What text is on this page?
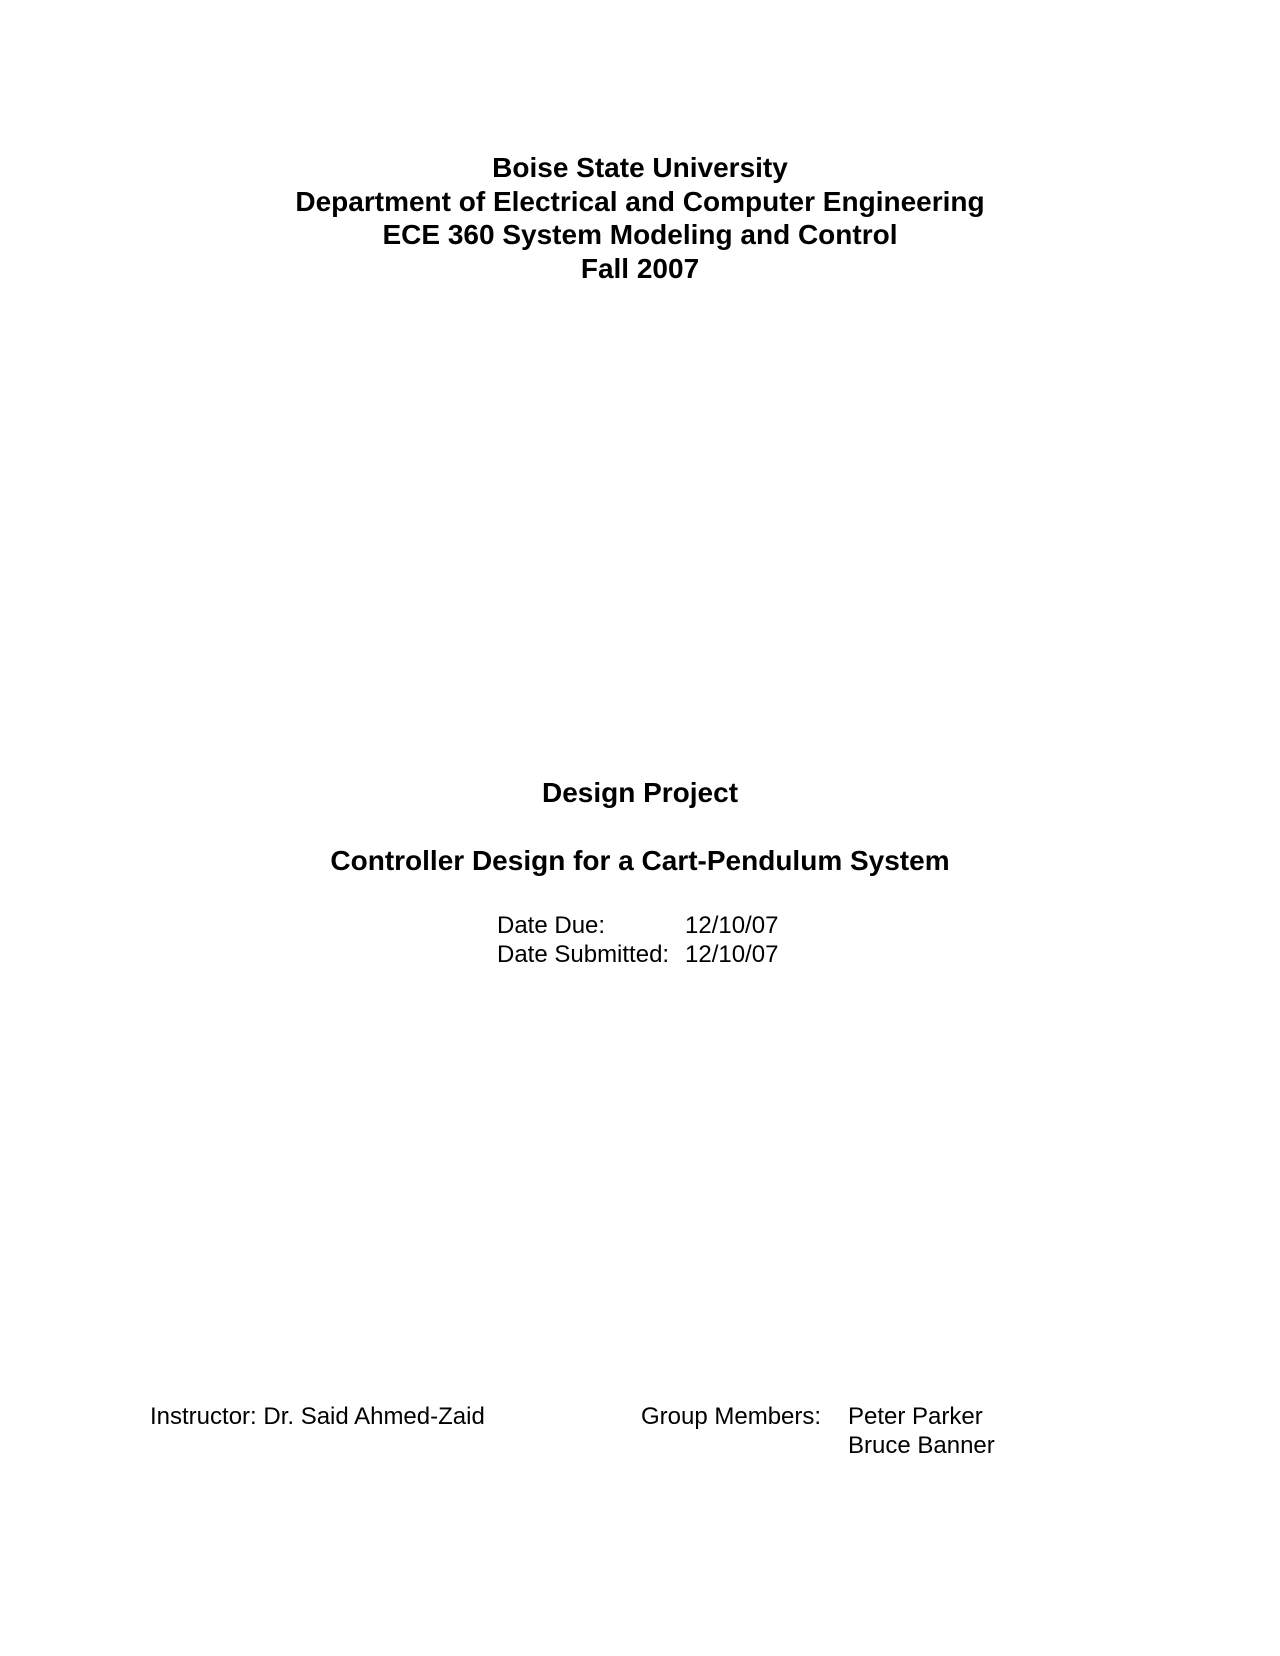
Boise State University
Department of Electrical and Computer Engineering
ECE 360 System Modeling and Control
Fall 2007
Design Project
Controller Design for a Cart-Pendulum System
Date Due:	12/10/07
Date Submitted: 12/10/07
Instructor: Dr. Said Ahmed-Zaid	Group Members:	Peter Parker
Bruce Banner
